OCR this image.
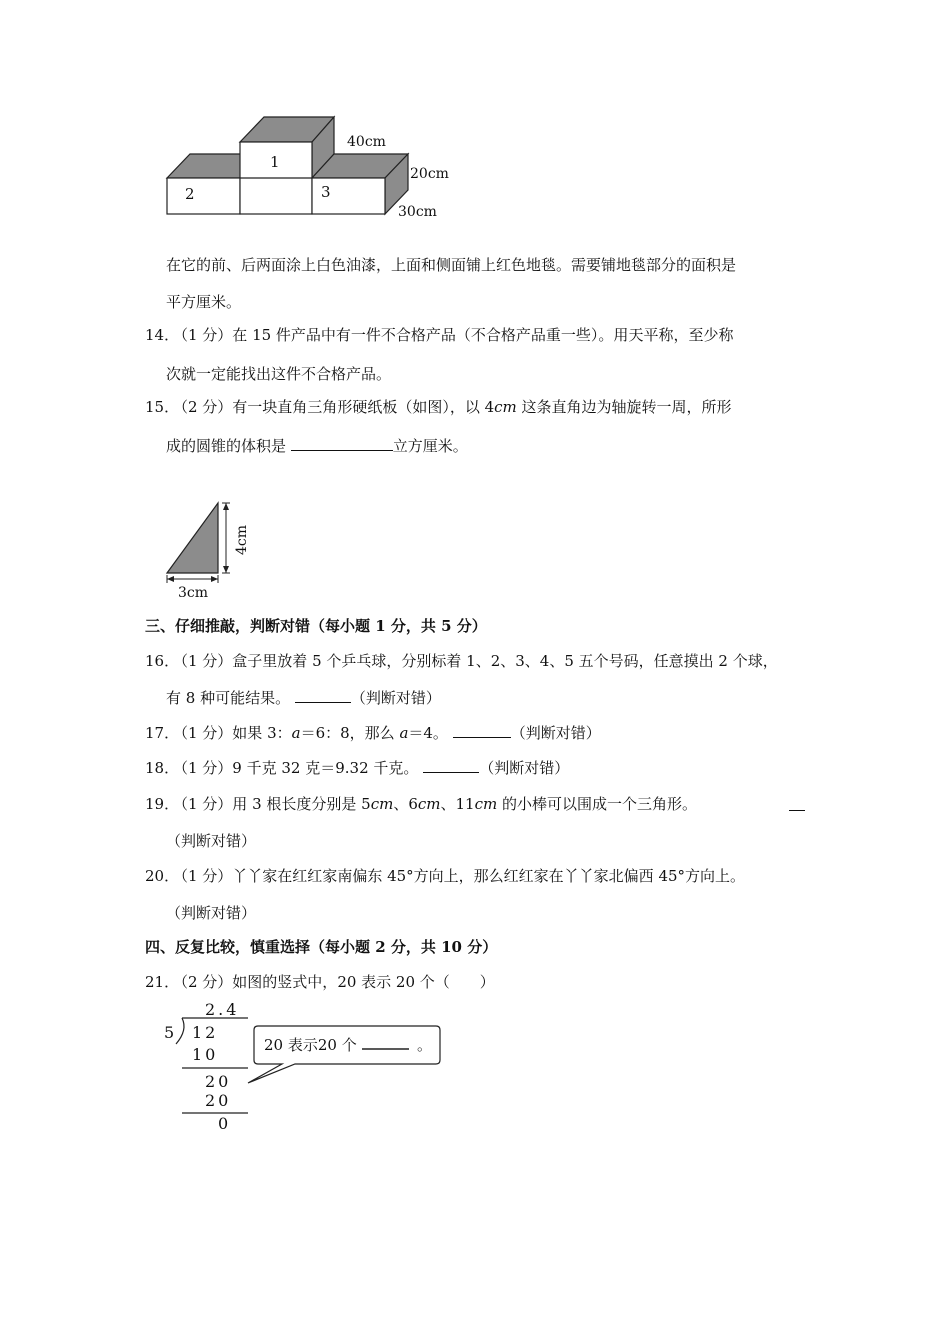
1
2	3
40cm
20cm
30cm
在它的前、后两面涂上白色油漆，上面和侧面铺上红色地毯。需要铺地毯部分的面积是
平方厘米。
14．
（1 分）在 15 件产品中有一件不合格产品（不合格产品重一些）。用天平称，至少称
次就一定能找出这件不合格产品。
15．
（2 分）有一块直角三角形硬纸板（如图），以 4cm 这条直角边为轴旋转一周，所形
成的圆锥的体积是	立方厘米。
4cm
3cm
三、仔细推敲，判断对错（每小题 1 分，共 5 分）
16．
（1 分）盒子里放着 5 个乒乓球，分别标着 1、2、3、4、5 五个号码，任意摸出 2 个球，
有 8 种可能结果。	（判断对错）
17．
（1 分）如果 3：a＝6：8，那么 a＝4。	（判断对错）
18．
（1 分）9 千克 32 克＝9.32 千克。	（判断对错）
19．
（1 分）用 3 根长度分别是 5cm、6cm、11cm 的小棒可以围成一个三角形。
（判断对错）
20．
（1 分）丫丫家在红红家南偏东 45°方向上，那么红红家在丫丫家北偏西 45°方向上。
（判断对错）
四、反复比较，慎重选择（每小题 2 分，共 10 分）
21．
（2 分）如图的竖式中，20 表示 20 个（　　）
2.4
5 12
10
20
20
0
20 表示20 个	。
